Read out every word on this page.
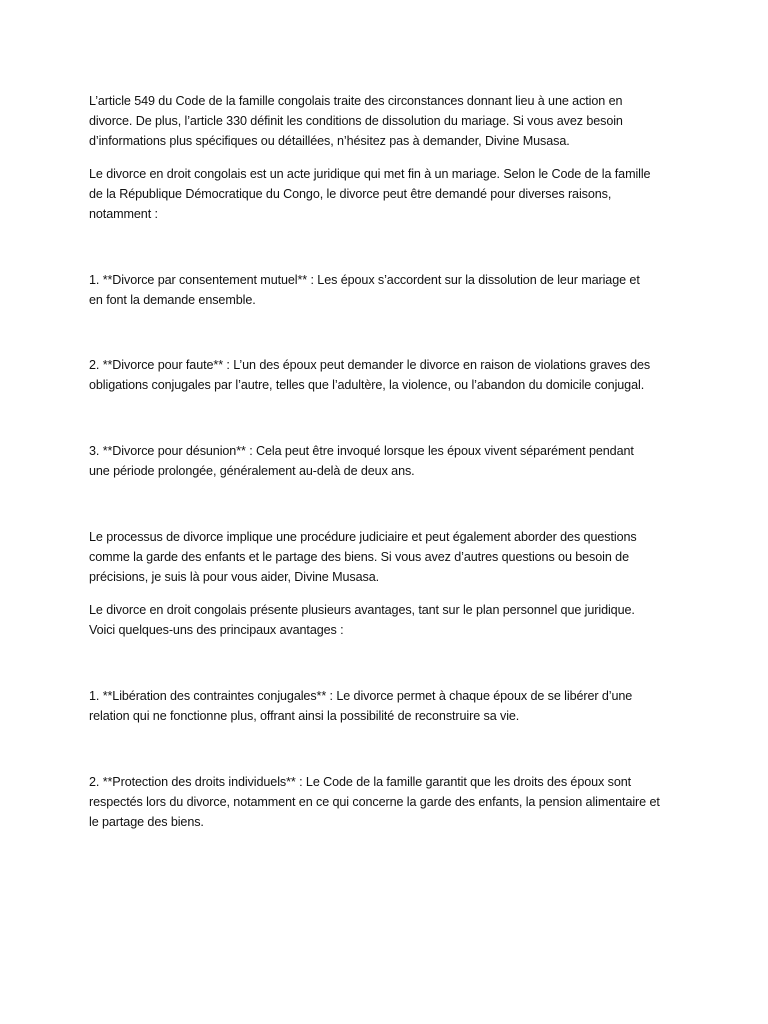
L’article 549 du Code de la famille congolais traite des circonstances donnant lieu à une action en
divorce. De plus, l’article 330 définit les conditions de dissolution du mariage. Si vous avez besoin
d’informations plus spécifiques ou détaillées, n’hésitez pas à demander, Divine Musasa.

Le divorce en droit congolais est un acte juridique qui met fin à un mariage. Selon le Code de la famille
de la République Démocratique du Congo, le divorce peut être demandé pour diverses raisons,
notamment :

1. **Divorce par consentement mutuel** : Les époux s’accordent sur la dissolution de leur mariage et
en font la demande ensemble.

2. **Divorce pour faute** : L’un des époux peut demander le divorce en raison de violations graves des
obligations conjugales par l’autre, telles que l’adultère, la violence, ou l’abandon du domicile conjugal.

3. **Divorce pour désunion** : Cela peut être invoqué lorsque les époux vivent séparément pendant
une période prolongée, généralement au-delà de deux ans.

Le processus de divorce implique une procédure judiciaire et peut également aborder des questions
comme la garde des enfants et le partage des biens. Si vous avez d’autres questions ou besoin de
précisions, je suis là pour vous aider, Divine Musasa.

Le divorce en droit congolais présente plusieurs avantages, tant sur le plan personnel que juridique.
Voici quelques-uns des principaux avantages :

1. **Libération des contraintes conjugales** : Le divorce permet à chaque époux de se libérer d’une
relation qui ne fonctionne plus, offrant ainsi la possibilité de reconstruire sa vie.

2. **Protection des droits individuels** : Le Code de la famille garantit que les droits des époux sont
respectés lors du divorce, notamment en ce qui concerne la garde des enfants, la pension alimentaire et
le partage des biens.
